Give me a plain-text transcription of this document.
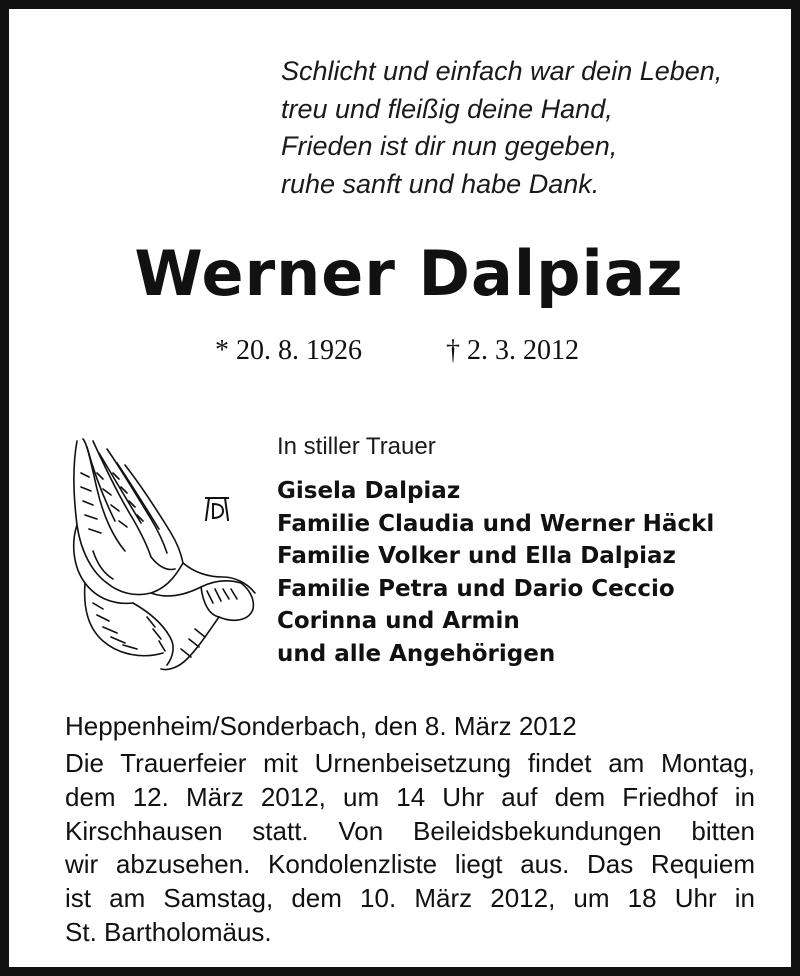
Schlicht und einfach war dein Leben,
treu und fleißig deine Hand,
Frieden ist dir nun gegeben,
ruhe sanft und habe Dank.
Werner Dalpiaz
* 20. 8. 1926	† 2. 3. 2012
In stiller Trauer
Gisela Dalpiaz
Familie Claudia und Werner Häckl
Familie Volker und Ella Dalpiaz
Familie Petra und Dario Ceccio
Corinna und Armin
und alle Angehörigen
Heppenheim/Sonderbach, den 8. März 2012
Die Trauerfeier mit Urnenbeisetzung findet am Montag,
dem 12. März 2012, um 14 Uhr auf dem Friedhof in
Kirschhausen statt. Von Beileidsbekundungen bitten
wir abzusehen. Kondolenzliste liegt aus. Das Requiem
ist am Samstag, dem 10. März 2012, um 18 Uhr in
St. Bartholomäus.
